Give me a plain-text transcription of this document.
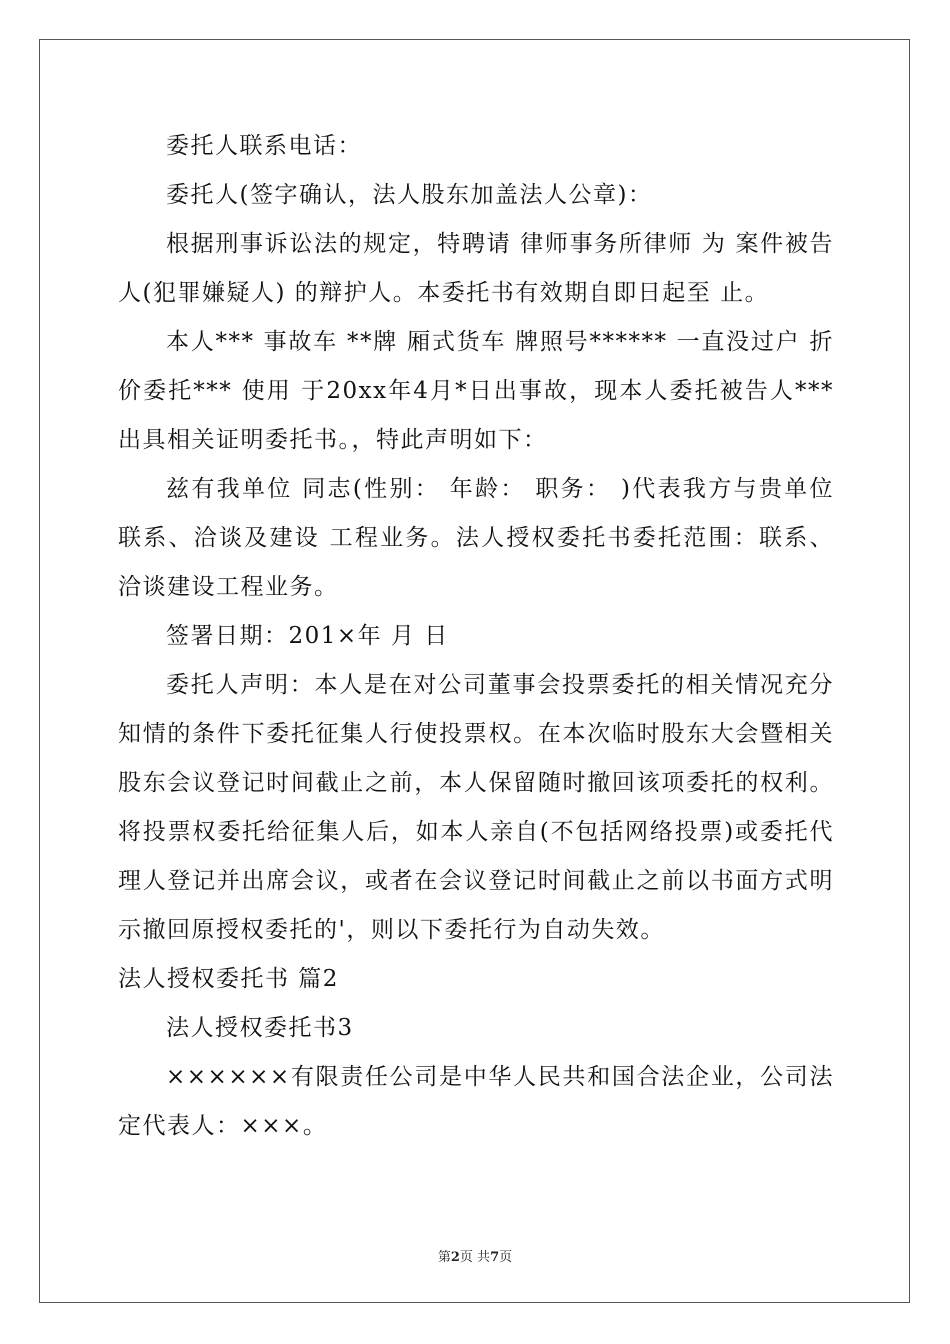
委托人联系电话：

委托人(签字确认，法人股东加盖法人公章)：

根据刑事诉讼法的规定，特聘请 律师事务所律师 为 案件被告人(犯罪嫌疑人) 的辩护人。本委托书有效期自即日起至 止。

本人*** 事故车 **牌 厢式货车 牌照号****** 一直没过户 折价委托*** 使用 于20xx年4月*日出事故，现本人委托被告人***出具相关证明委托书。，特此声明如下：

兹有我单位 同志(性别： 年龄： 职务： )代表我方与贵单位联系、洽谈及建设 工程业务。法人授权委托书委托范围：联系、洽谈建设工程业务。

签署日期：201×年 月 日

委托人声明：本人是在对公司董事会投票委托的相关情况充分知情的条件下委托征集人行使投票权。在本次临时股东大会暨相关股东会议登记时间截止之前，本人保留随时撤回该项委托的权利。将投票权委托给征集人后，如本人亲自(不包括网络投票)或委托代理人登记并出席会议，或者在会议登记时间截止之前以书面方式明示撤回原授权委托的'，则以下委托行为自动失效。

法人授权委托书 篇2

法人授权委托书3

××××××有限责任公司是中华人民共和国合法企业，公司法定代表人：×××。

第2页 共7页
